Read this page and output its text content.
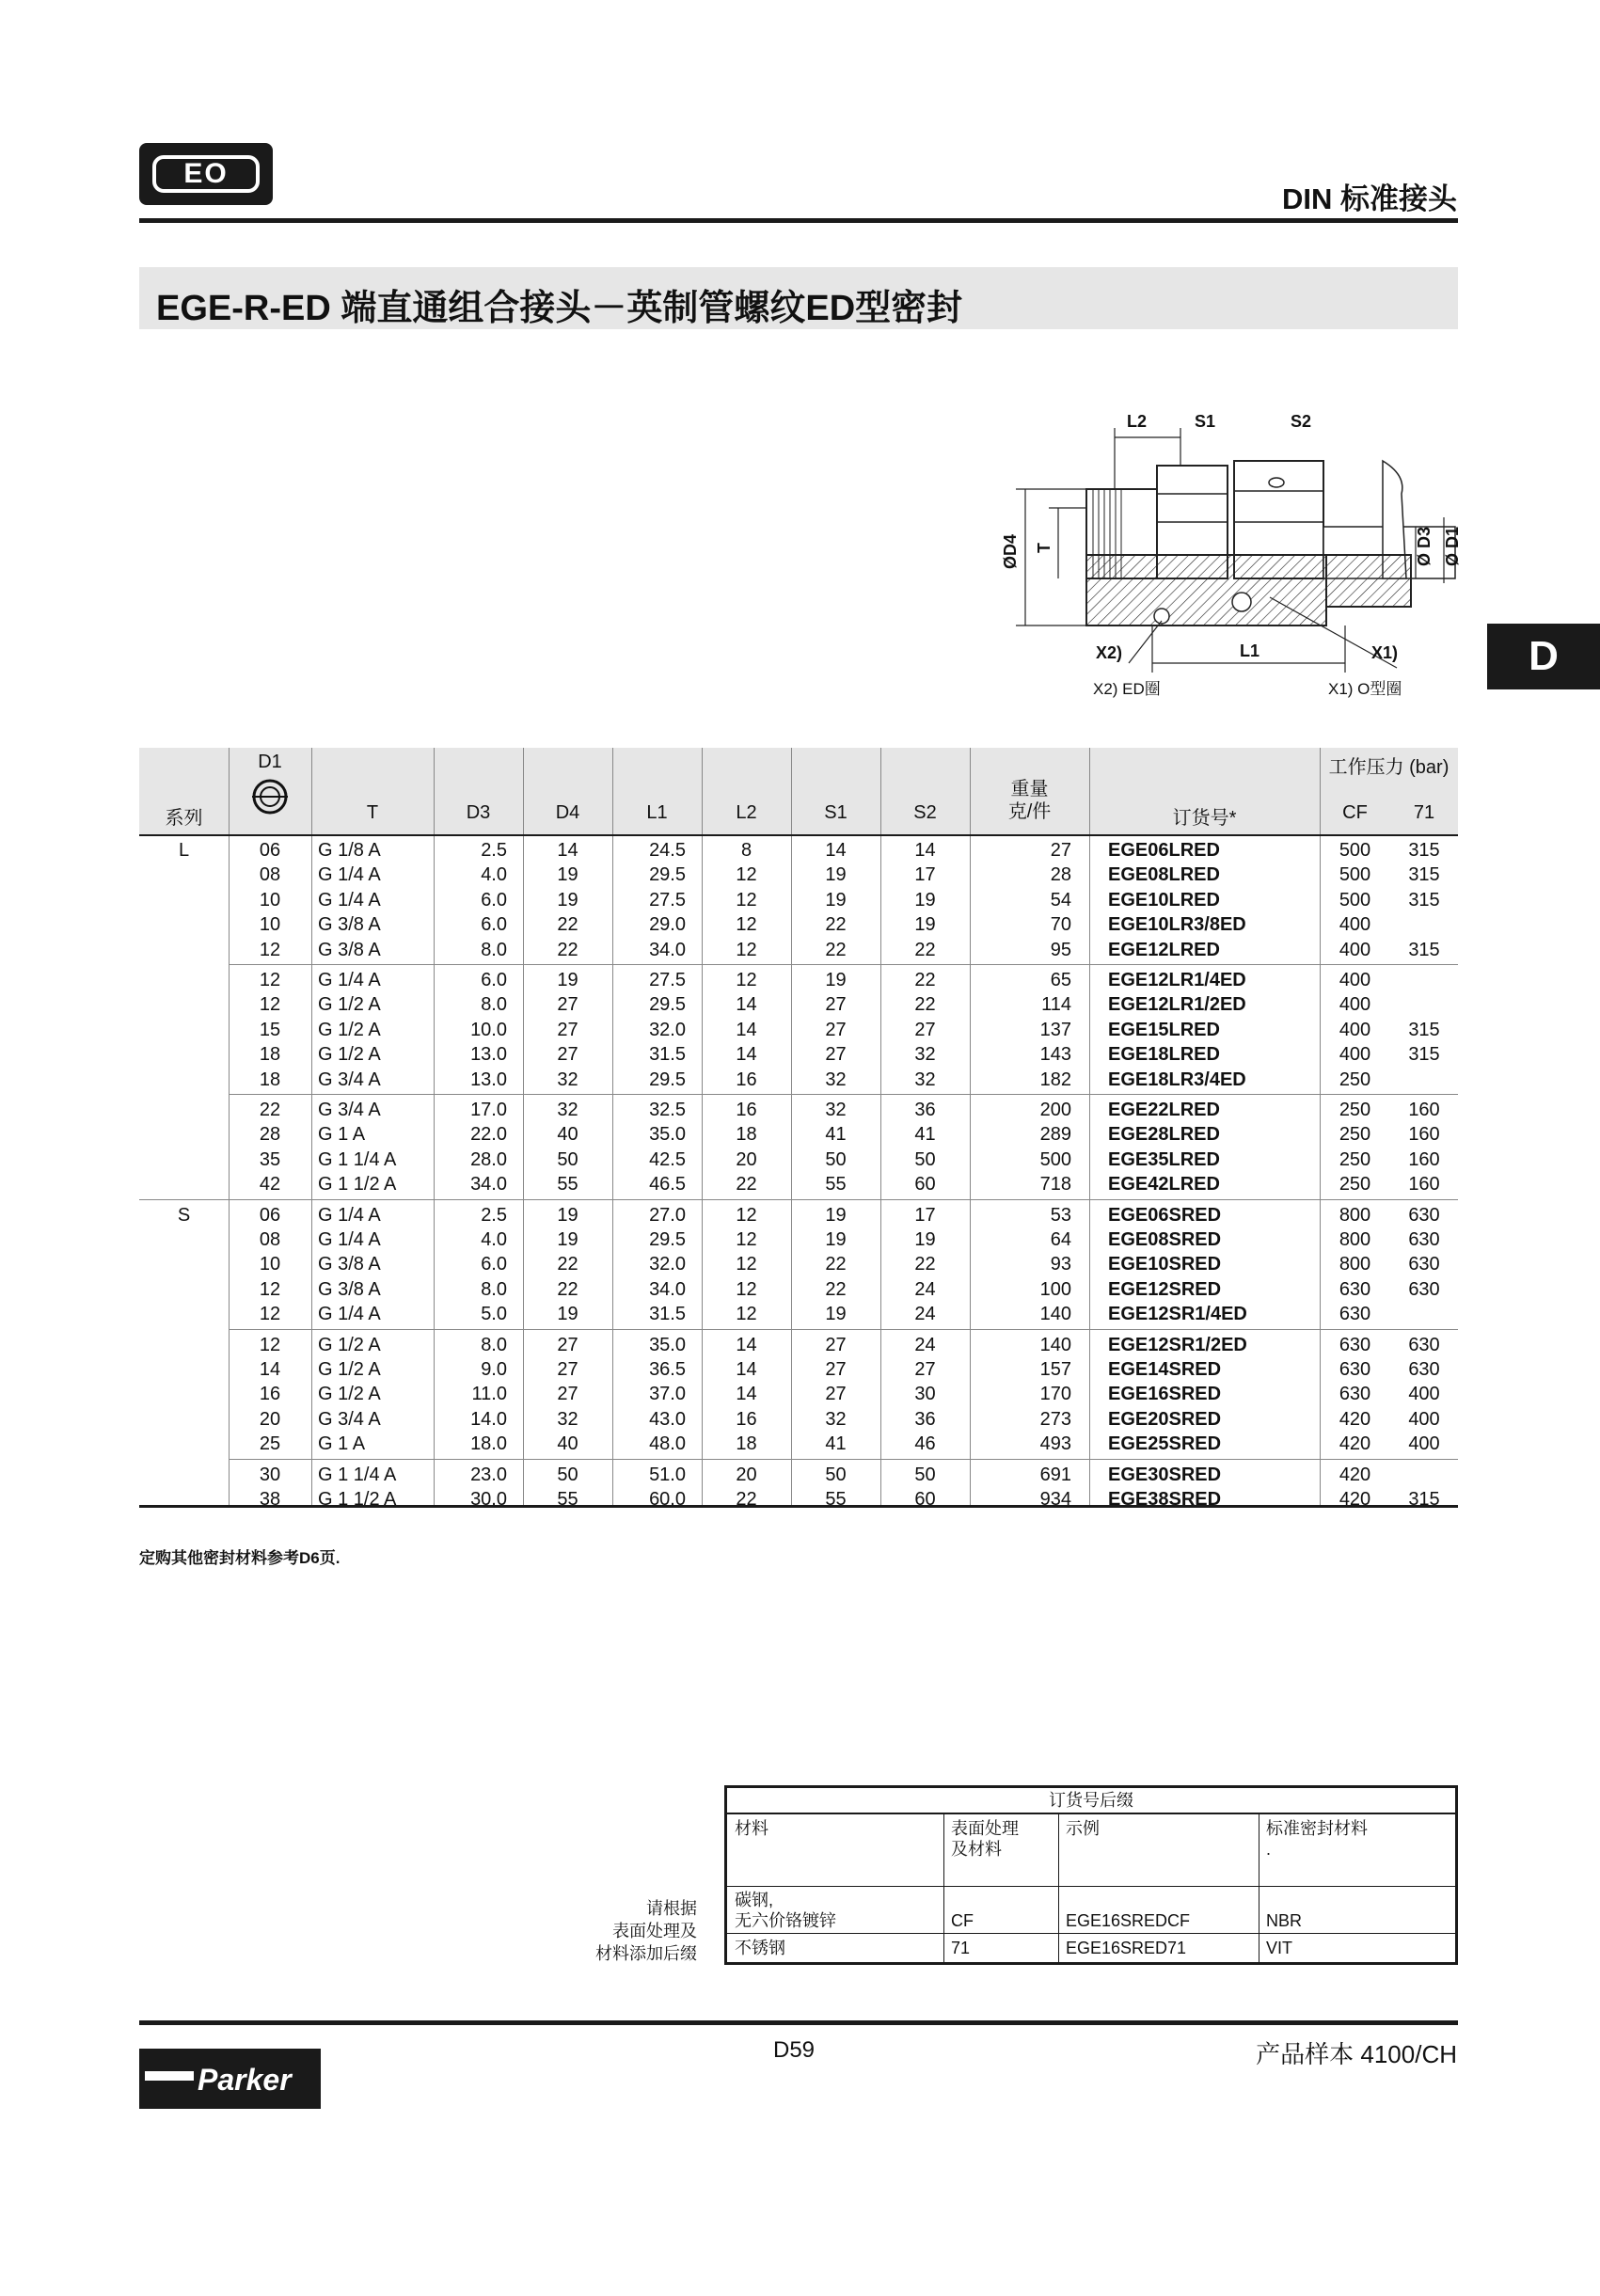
EO
DIN 标准接头
EGE-R-ED 端直通组合接头－英制管螺纹ED型密封
L2	S1	S2
ØD4 T	Ø D3 Ø D1
X2)	L1	X1)
X2) ED圈	X1) O型圈
D
系列
D1
T	D3	D4	L1	L2	S1	S2
重量
克/件	订货号*
工作压力 (bar)
CF	71
L	06	G 1/8 A	2.5	14	24.5	8	14	14	27 EGE06LRED	500	315
08	G 1/4 A	4.0	19	29.5	12	19	17	28 EGE08LRED	500	315
10	G 1/4 A	6.0	19	27.5	12	19	19	54 EGE10LRED	500	315
10	G 3/8 A	6.0	22	29.0	12	22	19	70 EGE10LR3/8ED	400
12	G 3/8 A	8.0	22	34.0	12	22	22	95 EGE12LRED	400	315
12	G 1/4 A	6.0	19	27.5	12	19	22	65 EGE12LR1/4ED	400
12	G 1/2 A	8.0	27	29.5	14	27	22	114 EGE12LR1/2ED	400
15	G 1/2 A	10.0	27	32.0	14	27	27	137 EGE15LRED	400	315
18	G 1/2 A	13.0	27	31.5	14	27	32	143 EGE18LRED	400	315
18	G 3/4 A	13.0	32	29.5	16	32	32	182 EGE18LR3/4ED	250
22	G 3/4 A	17.0	32	32.5	16	32	36	200 EGE22LRED	250	160
28	G 1 A	22.0	40	35.0	18	41	41	289 EGE28LRED	250	160
35	G 1 1/4 A	28.0	50	42.5	20	50	50	500 EGE35LRED	250	160
42	G 1 1/2 A	34.0	55	46.5	22	55	60	718 EGE42LRED	250	160
S	06	G 1/4 A	2.5	19	27.0	12	19	17	53 EGE06SRED	800	630
08	G 1/4 A	4.0	19	29.5	12	19	19	64 EGE08SRED	800	630
10	G 3/8 A	6.0	22	32.0	12	22	22	93 EGE10SRED	800	630
12	G 3/8 A	8.0	22	34.0	12	22	24	100 EGE12SRED	630	630
12	G 1/4 A	5.0	19	31.5	12	19	24	140 EGE12SR1/4ED	630
12	G 1/2 A	8.0	27	35.0	14	27	24	140 EGE12SR1/2ED	630	630
14	G 1/2 A	9.0	27	36.5	14	27	27	157 EGE14SRED	630	630
16	G 1/2 A	11.0	27	37.0	14	27	30	170 EGE16SRED	630	400
20	G 3/4 A	14.0	32	43.0	16	32	36	273 EGE20SRED	420	400
25	G 1 A	18.0	40	48.0	18	41	46	493 EGE25SRED	420	400
30	G 1 1/4 A	23.0	50	51.0	20	50	50	691 EGE30SRED	420
38	G 1 1/2 A	30.0	55	60.0	22	55	60	934 EGE38SRED	420	315
定购其他密封材料参考D6页.
请根据
表面处理及
材料添加后缀
订货号后缀
材料	表面处理
及材料
示例	标准密封材料
.
碳钢,
无六价铬镀锌	CF	EGE16SREDCF	NBR
不锈钢	71	EGE16SRED71	VIT
D59	产品样本 4100/CH
Parker
